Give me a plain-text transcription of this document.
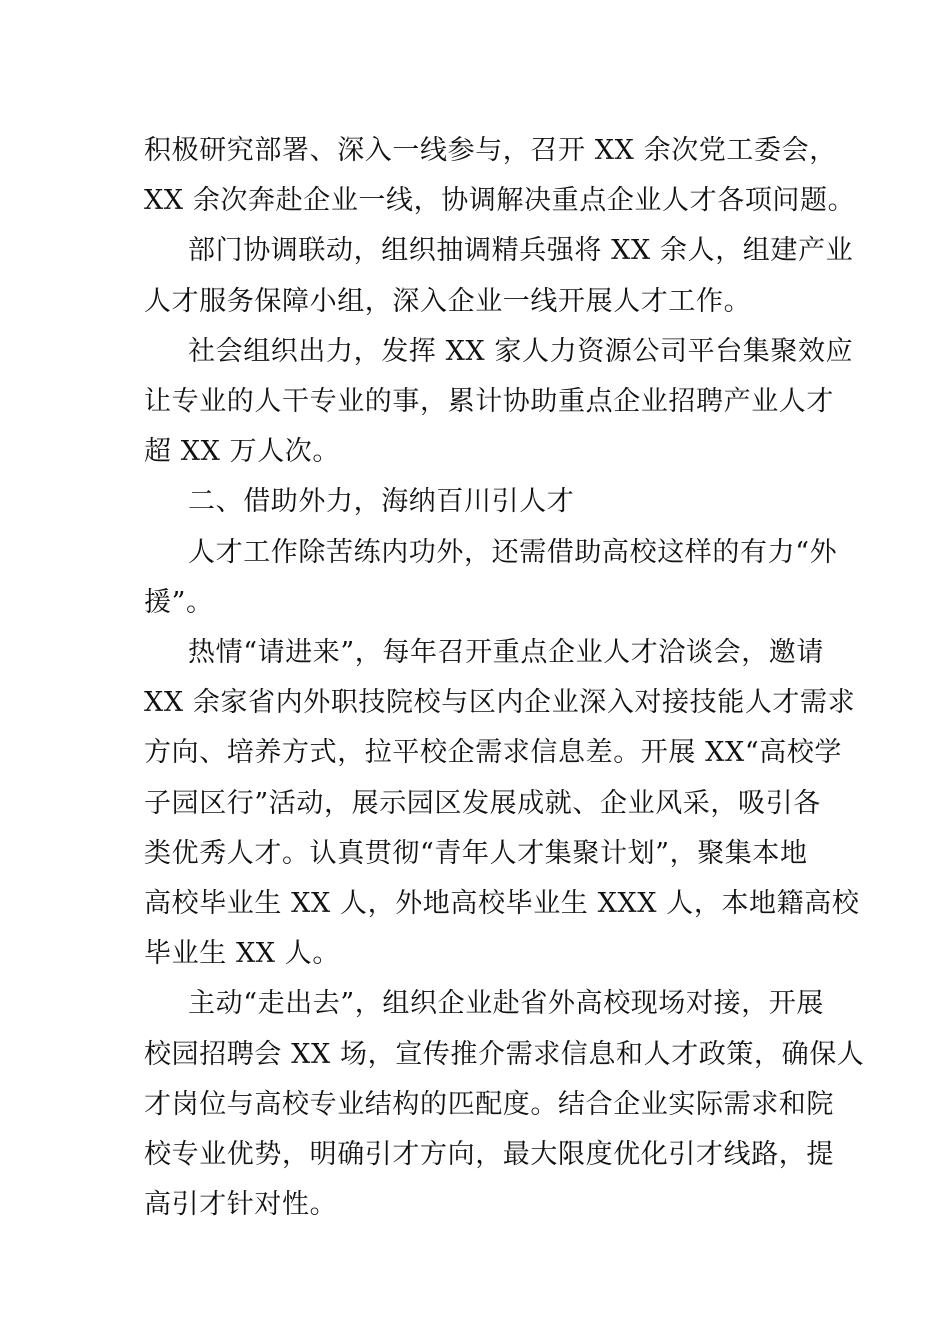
积极研究部署、深入一线参与，召开 XX 余次党工委会，
XX 余次奔赴企业一线，协调解决重点企业人才各项问题。

部门协调联动，组织抽调精兵强将 XX 余人，组建产业
人才服务保障小组，深入企业一线开展人才工作。

社会组织出力，发挥 XX 家人力资源公司平台集聚效应
让专业的人干专业的事，累计协助重点企业招聘产业人才
超 XX 万人次。

二、借助外力，海纳百川引人才

人才工作除苦练内功外，还需借助高校这样的有力“外
援”。

热情“请进来”，每年召开重点企业人才洽谈会，邀请
XX 余家省内外职技院校与区内企业深入对接技能人才需求
方向、培养方式，拉平校企需求信息差。开展 XX“高校学
子园区行”活动，展示园区发展成就、企业风采，吸引各
类优秀人才。认真贯彻“青年人才集聚计划”，聚集本地
高校毕业生 XX 人，外地高校毕业生 XXX 人，本地籍高校
毕业生 XX 人。

主动“走出去”，组织企业赴省外高校现场对接，开展
校园招聘会 XX 场，宣传推介需求信息和人才政策，确保人
才岗位与高校专业结构的匹配度。结合企业实际需求和院
校专业优势，明确引才方向，最大限度优化引才线路，提
高引才针对性。
